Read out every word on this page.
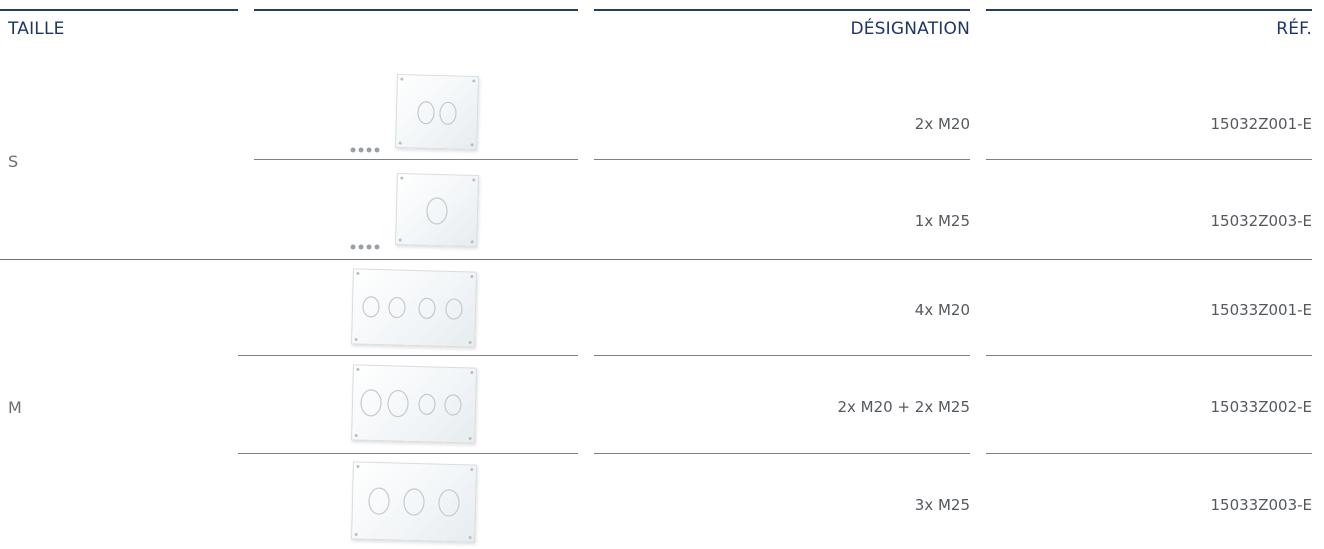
TAILLE	DÉSIGNATION	RÉF.
S
2x M20	15032Z001-E
1x M25	15032Z003-E
M
4x M20	15033Z001-E
2x M20 + 2x M25	15033Z002-E
3x M25	15033Z003-E
